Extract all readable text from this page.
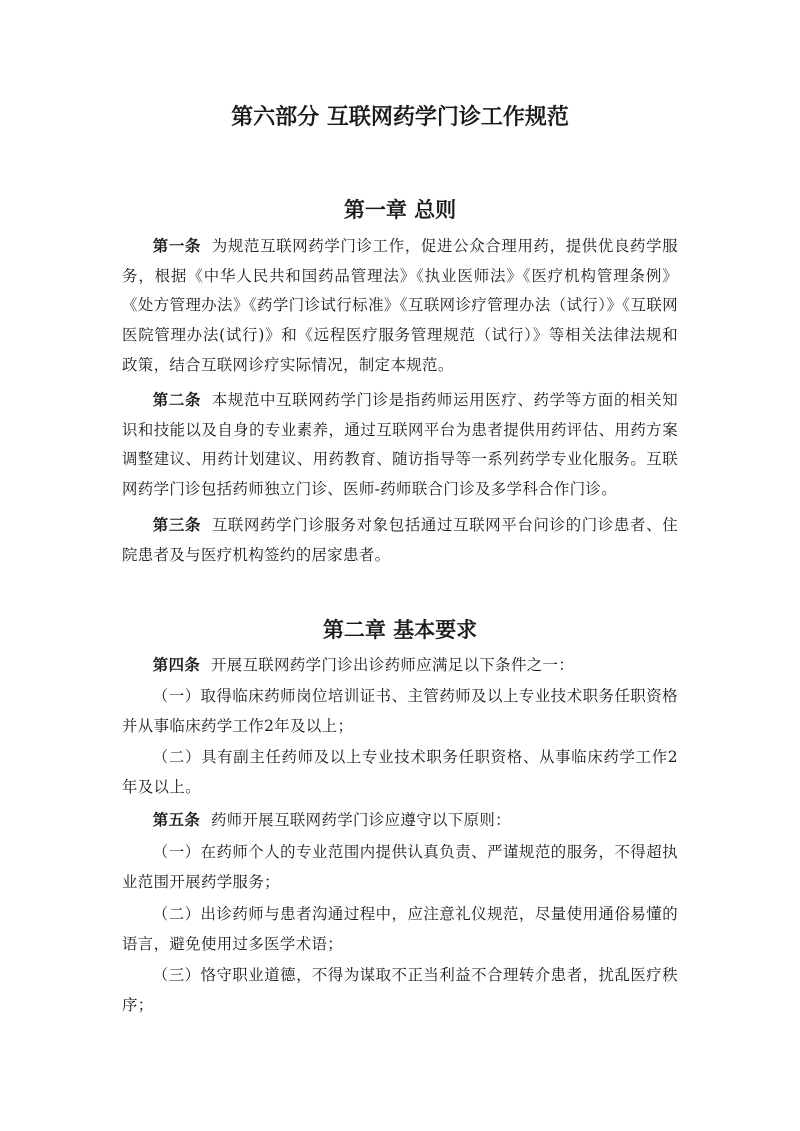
第六部分 互联网药学门诊工作规范
第一章 总则

第一条 为规范互联网药学门诊工作，促进公众合理用药，提供优良药学服务，根据《中华人民共和国药品管理法》《执业医师法》《医疗机构管理条例》《处方管理办法》《药学门诊试行标准》《互联网诊疗管理办法（试行）》《互联网医院管理办法(试行)》和《远程医疗服务管理规范（试行）》等相关法律法规和政策，结合互联网诊疗实际情况，制定本规范。

第二条 本规范中互联网药学门诊是指药师运用医疗、药学等方面的相关知识和技能以及自身的专业素养，通过互联网平台为患者提供用药评估、用药方案调整建议、用药计划建议、用药教育、随访指导等一系列药学专业化服务。互联网药学门诊包括药师独立门诊、医师-药师联合门诊及多学科合作门诊。

第三条 互联网药学门诊服务对象包括通过互联网平台问诊的门诊患者、住院患者及与医疗机构签约的居家患者。

第二章 基本要求

第四条 开展互联网药学门诊出诊药师应满足以下条件之一：

（一）取得临床药师岗位培训证书、主管药师及以上专业技术职务任职资格并从事临床药学工作2年及以上；

（二）具有副主任药师及以上专业技术职务任职资格、从事临床药学工作2年及以上。

第五条 药师开展互联网药学门诊应遵守以下原则：

（一）在药师个人的专业范围内提供认真负责、严谨规范的服务，不得超执业范围开展药学服务；

（二）出诊药师与患者沟通过程中，应注意礼仪规范，尽量使用通俗易懂的语言，避免使用过多医学术语；

（三）恪守职业道德，不得为谋取不正当利益不合理转介患者，扰乱医疗秩序；
